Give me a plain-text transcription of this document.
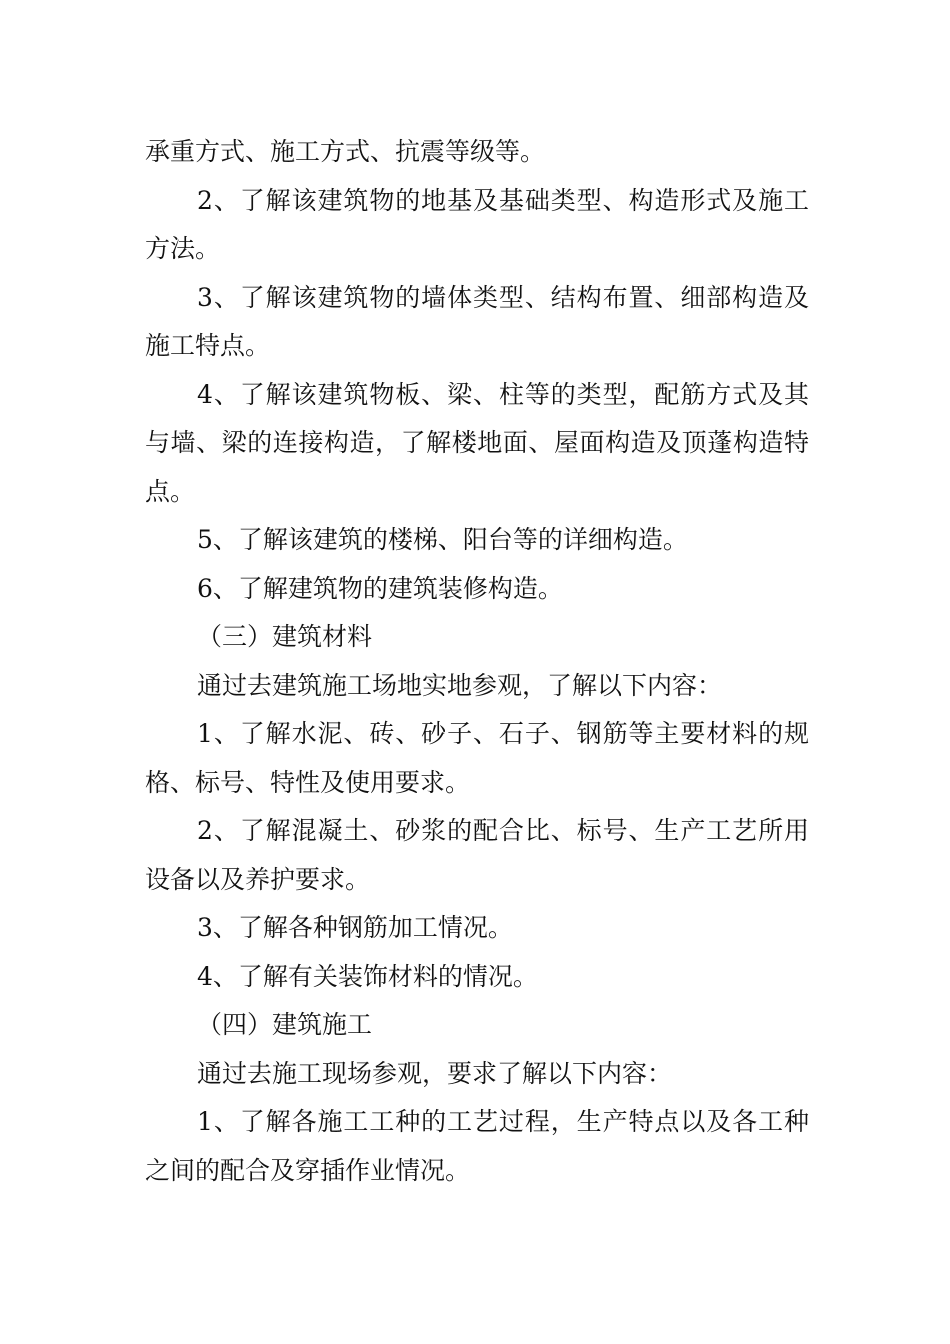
承重方式、施工方式、抗震等级等。

2、了解该建筑物的地基及基础类型、构造形式及施工方法。

3、了解该建筑物的墙体类型、结构布置、细部构造及施工特点。

4、了解该建筑物板、梁、柱等的类型，配筋方式及其与墙、梁的连接构造，了解楼地面、屋面构造及顶蓬构造特点。

5、了解该建筑的楼梯、阳台等的详细构造。

6、了解建筑物的建筑装修构造。

（三）建筑材料

通过去建筑施工场地实地参观，了解以下内容：

1、了解水泥、砖、砂子、石子、钢筋等主要材料的规格、标号、特性及使用要求。

2、了解混凝土、砂浆的配合比、标号、生产工艺所用设备以及养护要求。

3、了解各种钢筋加工情况。

4、了解有关装饰材料的情况。

（四）建筑施工

通过去施工现场参观，要求了解以下内容：

1、了解各施工工种的工艺过程，生产特点以及各工种之间的配合及穿插作业情况。
